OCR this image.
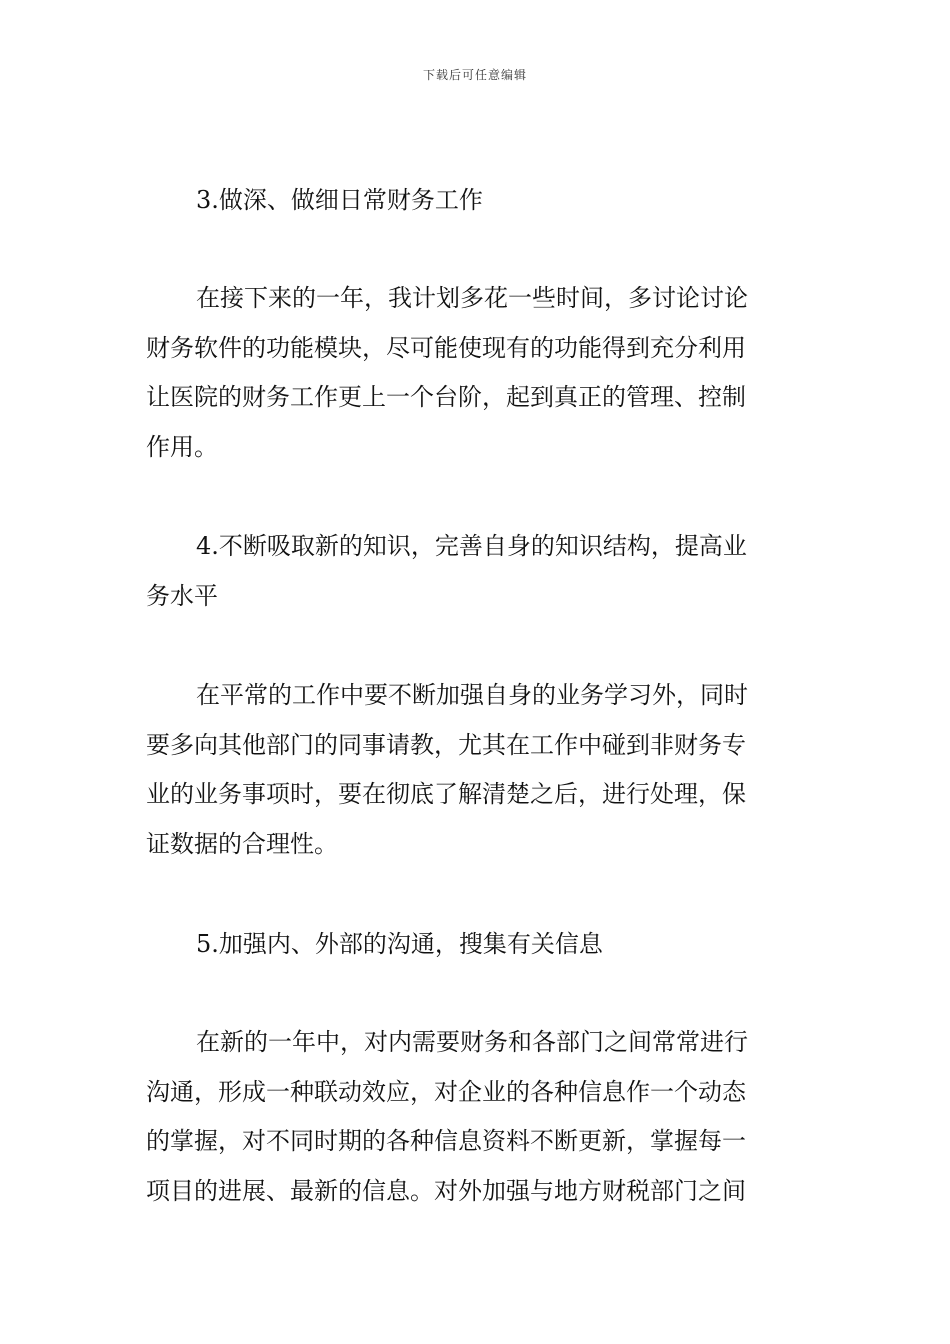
下载后可任意编辑
3.做深、做细日常财务工作
在接下来的一年，我计划多花一些时间，多讨论讨论
财务软件的功能模块，尽可能使现有的功能得到充分利用
让医院的财务工作更上一个台阶，起到真正的管理、控制
作用。
4.不断吸取新的知识，完善自身的知识结构，提高业
务水平
在平常的工作中要不断加强自身的业务学习外，同时
要多向其他部门的同事请教，尤其在工作中碰到非财务专
业的业务事项时，要在彻底了解清楚之后，进行处理，保
证数据的合理性。
5.加强内、外部的沟通，搜集有关信息
在新的一年中，对内需要财务和各部门之间常常进行
沟通，形成一种联动效应，对企业的各种信息作一个动态
的掌握，对不同时期的各种信息资料不断更新，掌握每一
项目的进展、最新的信息。对外加强与地方财税部门之间
